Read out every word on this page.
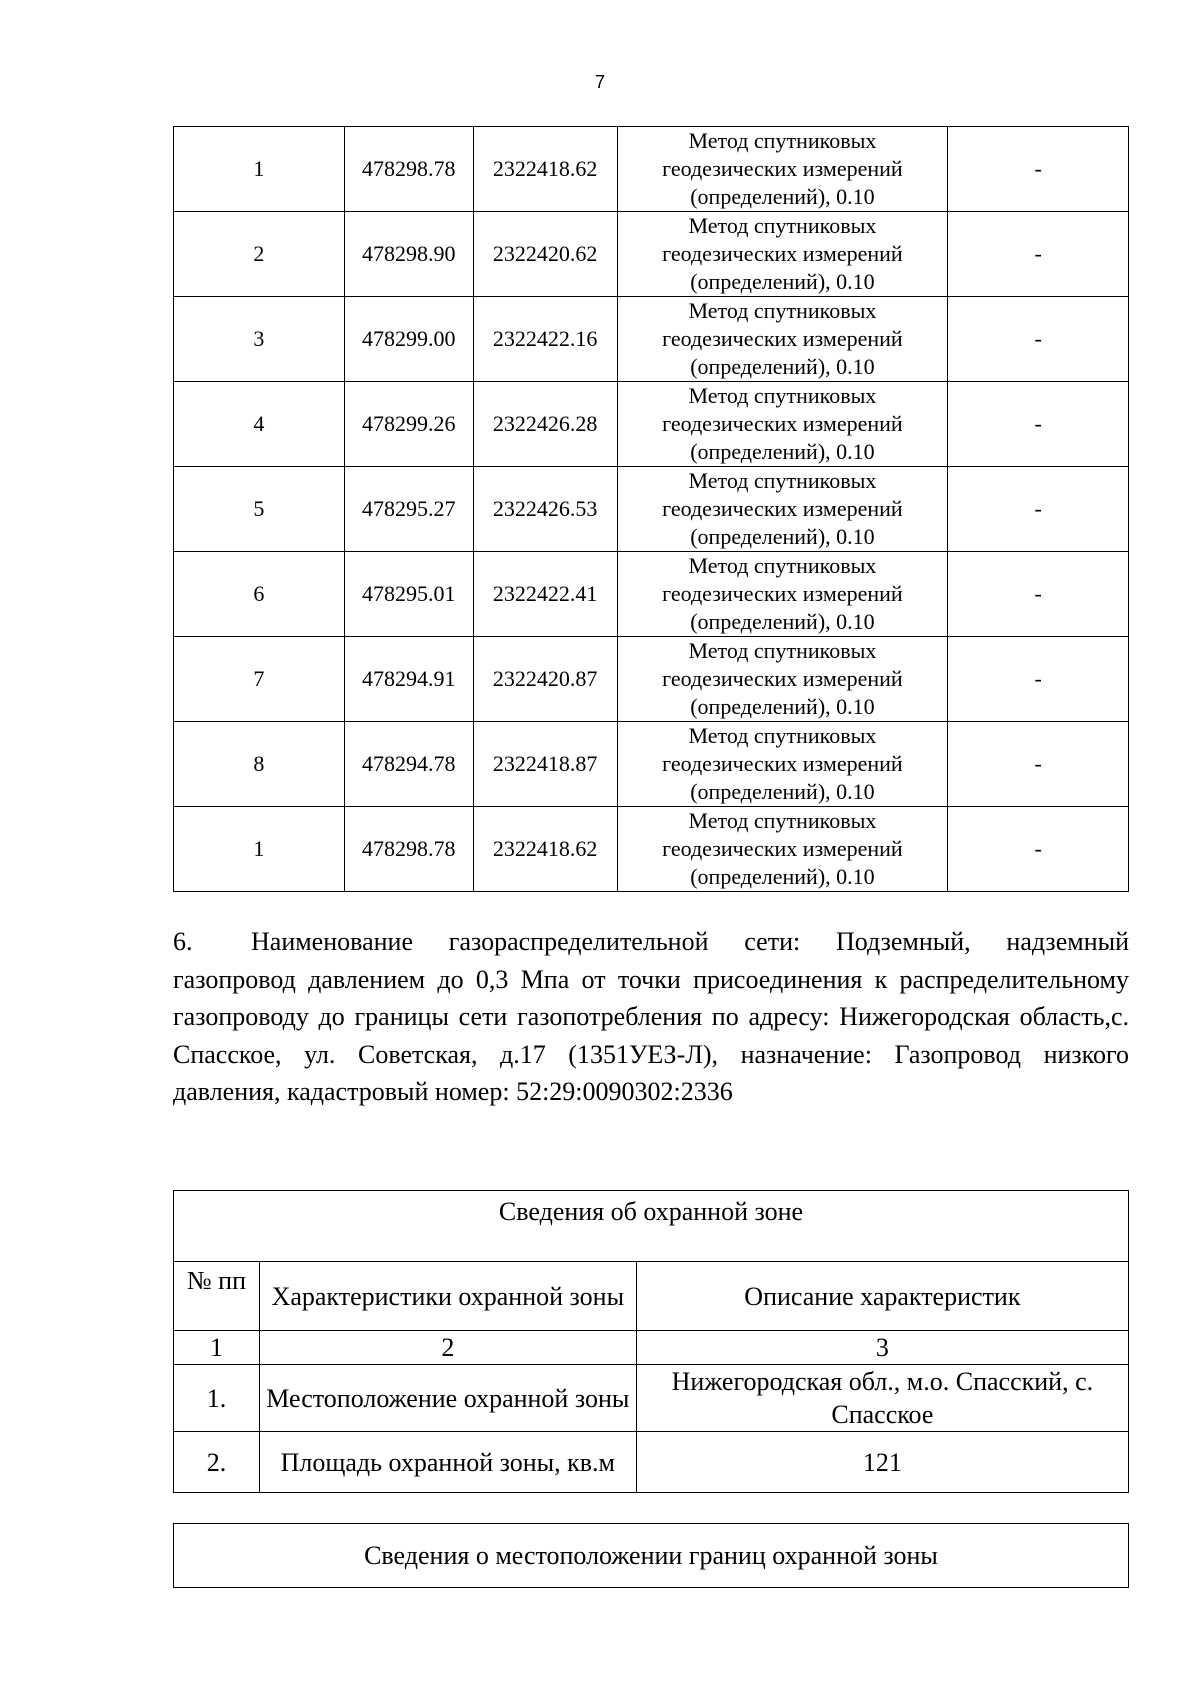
7
1	478298.78	2322418.62	Метод спутниковых
геодезических измерений
(определений), 0.10	-
2	478298.90	2322420.62	Метод спутниковых
геодезических измерений
(определений), 0.10	-
3	478299.00	2322422.16	Метод спутниковых
геодезических измерений
(определений), 0.10	-
4	478299.26	2322426.28	Метод спутниковых
геодезических измерений
(определений), 0.10	-
5	478295.27	2322426.53	Метод спутниковых
геодезических измерений
(определений), 0.10	-
6	478295.01	2322422.41	Метод спутниковых
геодезических измерений
(определений), 0.10	-
7	478294.91	2322420.87	Метод спутниковых
геодезических измерений
(определений), 0.10	-
8	478294.78	2322418.87	Метод спутниковых
геодезических измерений
(определений), 0.10	-
1	478298.78	2322418.62	Метод спутниковых
геодезических измерений
(определений), 0.10	-

6. Наименование газораспределительной сети: Подземный, надземный газопровод давлением до 0,3 Мпа от точки присоединения к распределительному газопроводу до границы сети газопотребления по адресу: Нижегородская область,с. Спасское, ул. Советская, д.17 (1351УЕЗ-Л), назначение: Газопровод низкого давления, кадастровый номер: 52:29:0090302:2336

Сведения об охранной зоне		
№ пп	Характеристики охранной зоны	Описание характеристик
1	2	3
1.	Местоположение охранной зоны	Нижегородская обл., м.о. Спасский, с. Спасское
2.	Площадь охранной зоны, кв.м	121
Сведения о местоположении границ охранной зоны
